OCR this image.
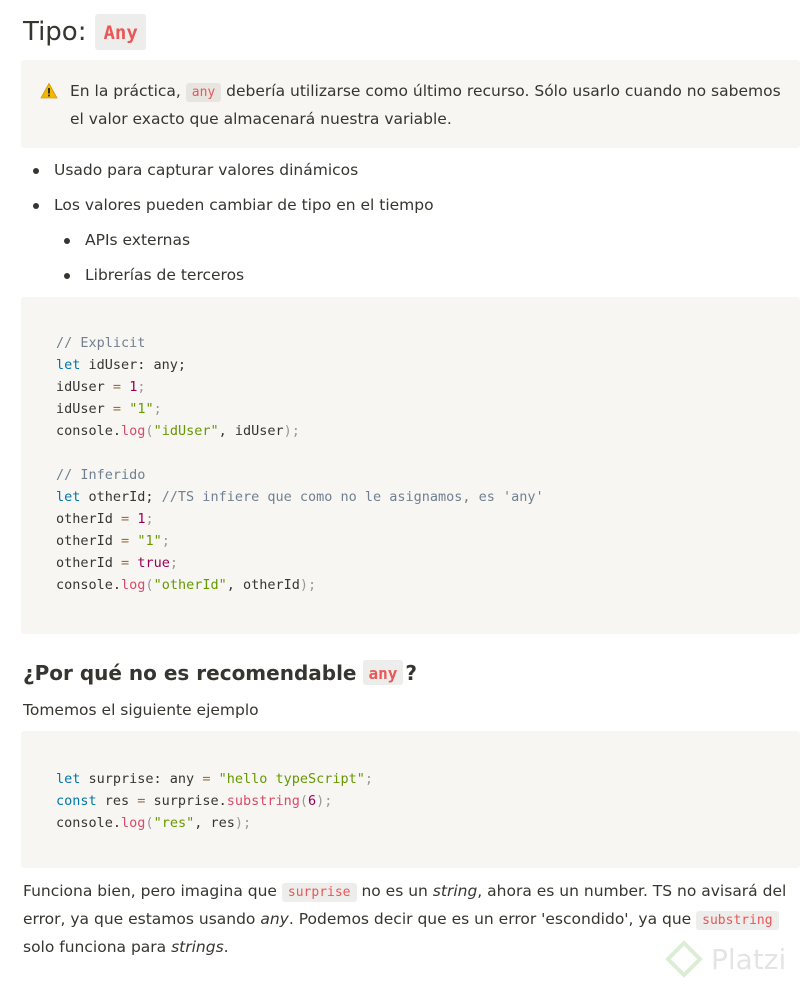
Tipo: Any
En la práctica, any debería utilizarse como último recurso. Sólo usarlo cuando no sabemos el valor exacto que almacenará nuestra variable.
Usado para capturar valores dinámicos
Los valores pueden cambiar de tipo en el tiempo
APIs externas
Librerías de terceros
// Explicit
let idUser: any;
idUser = 1;
idUser = "1";
console.log("idUser", idUser);

// Inferido
let otherId; //TS infiere que como no le asignamos, es 'any'
otherId = 1;
otherId = "1";
otherId = true;
console.log("otherId", otherId);
¿Por qué no es recomendable any ?
Tomemos el siguiente ejemplo
let surprise: any = "hello typeScript";
const res = surprise.substring(6);
console.log("res", res);
Funciona bien, pero imagina que surprise no es un string, ahora es un number. TS no avisará del error, ya que estamos usando any. Podemos decir que es un error 'escondido', ya que substring solo funciona para strings.	Platzi
